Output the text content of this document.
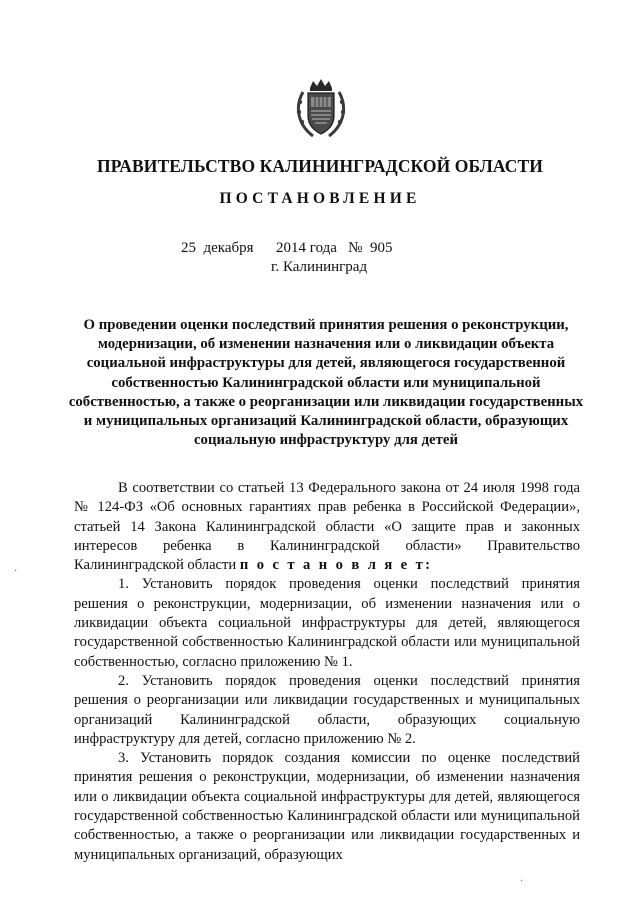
ПРАВИТЕЛЬСТВО КАЛИНИНГРАДСКОЙ ОБЛАСТИ
ПОСТАНОВЛЕНИЕ
25  декабря      2014 года   №  905
г. Калининград
О проведении оценки последствий принятия решения о реконструкции, модернизации, об изменении назначения или о ликвидации объекта социальной инфраструктуры для детей, являющегося государственной собственностью Калининградской области или муниципальной собственностью, а также о реорганизации или ликвидации государственных и муниципальных организаций Калининградской области, образующих социальную инфраструктуру для детей

В соответствии со статьей 13 Федерального закона от 24 июля 1998 года № 124-ФЗ «Об основных гарантиях прав ребенка в Российской Федерации», статьей 14 Закона Калининградской области «О защите прав и законных интересов ребенка в Калининградской области» Правительство Калининградской области п о с т а н о в л я е т:

1. Установить порядок проведения оценки последствий принятия решения о реконструкции, модернизации, об изменении назначения или о ликвидации объекта социальной инфраструктуры для детей, являющегося государственной собственностью Калининградской области или муниципальной собственностью, согласно приложению № 1.

2. Установить порядок проведения оценки последствий принятия решения о реорганизации или ликвидации государственных и муниципальных организаций Калининградской области, образующих социальную инфраструктуру для детей, согласно приложению № 2.

3. Установить порядок создания комиссии по оценке последствий принятия решения о реконструкции, модернизации, об изменении назначения или о ликвидации объекта социальной инфраструктуры для детей, являющегося государственной собственностью Калининградской области или муниципальной собственностью, а также о реорганизации или ликвидации государственных и муниципальных организаций, образующих

·
·
